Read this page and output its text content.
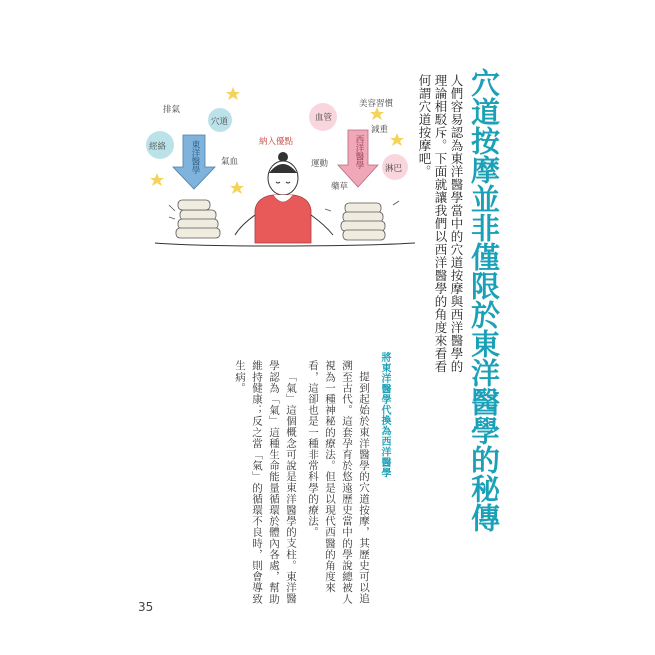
排氣
穴道
經絡
氣血
東洋醫學	納入優點
美容習慣
血管
減重
西洋醫學
運動	淋巴
藥草	穴道按摩並非僅限於東洋醫學的秘傳
人們容易認為東洋醫學當中的穴道按摩與西洋醫學的理論相駁斥。下面就讓我們以西洋醫學的角度來看看何謂穴道按摩吧。
將東洋醫學代換為西洋醫學

提到起始於東洋醫學的穴道按摩，其歷史可以追溯至古代。這套孕育於悠遠歷史當中的學說總被人視為一種神秘的療法。但是以現代西醫的角度來看，這卻也是一種非常科學的療法。

「氣」這個概念可說是東洋醫學的支柱。東洋醫學認為「氣」這種生命能量循環於體內各處，幫助維持健康；反之當「氣」的循環不良時，則會導致生病。

35
